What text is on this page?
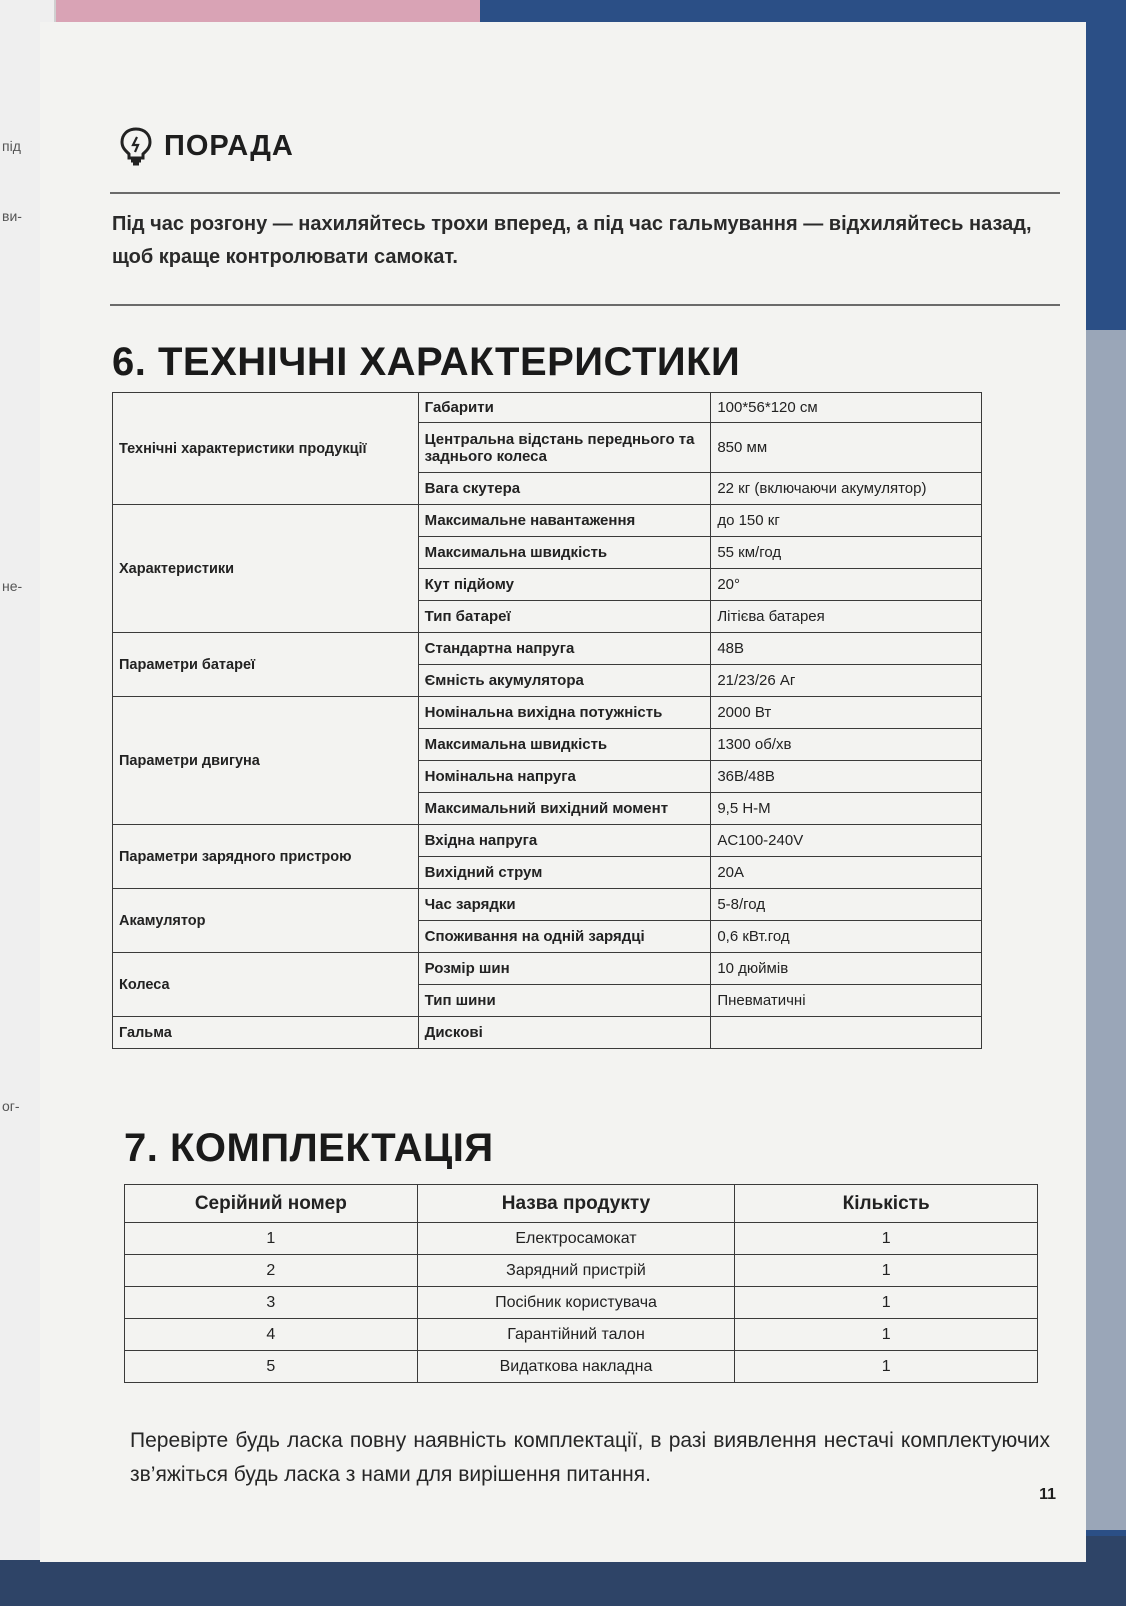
під
ви-
не-
ог-
ПОРАДА

Під час розгону — нахиляйтесь трохи вперед, а під час гальмування — відхиляйтесь назад, щоб краще контролювати самокат.

6. ТЕХНІЧНІ ХАРАКТЕРИСТИКИ
Технічні характеристики продукції	Габарити	100*56*120 см
	Центральна відстань переднього та заднього колеса	850 мм
	Вага скутера	22 кг (включаючи акумулятор)
Характеристики	Максимальне навантаження	до 150 кг
	Максимальна швидкість	55 км/год
	Кут підйому	20°
	Тип батареї	Літієва батарея
Параметри батареї	Стандартна напруга	48В
	Ємність акумулятора	21/23/26 Аг
Параметри двигуна	Номінальна вихідна потужність	2000 Вт
	Максимальна швидкість	1300 об/хв
	Номінальна напруга	36В/48В
	Максимальний вихідний момент	9,5 Н-М
Параметри зарядного пристрою	Вхідна напруга	AC100-240V
	Вихідний струм	20A
Акамулятор	Час зарядки	5-8/год
	Споживання на одній зарядці	0,6 кВт.год
Колеса	Розмір шин	10 дюймів
	Тип шини	Пневматичні
Гальма	Дискові	
7. КОМПЛЕКТАЦІЯ
Серійний номер	Назва продукту	Кількість
1	Електросамокат	1
2	Зарядний пристрій	1
3	Посібник користувача	1
4	Гарантійний талон	1
5	Видаткова накладна	1

Перевірте будь ласка повну наявність комплектації, в разі виявлення нестачі комплектуючих зв’яжіться будь ласка з нами для вирішення питання.

11
